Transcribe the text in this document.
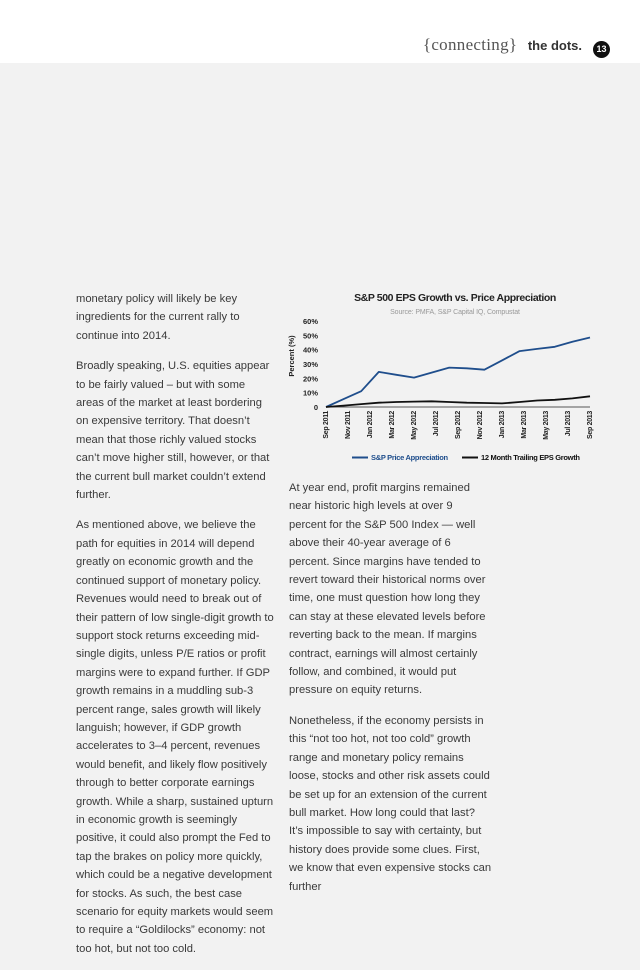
{connecting} the dots.	13

monetary policy will likely be key ingredients for the current rally to continue into 2014.

Broadly speaking, U.S. equities appear to be fairly valued – but with some areas of the market at least bordering on expensive territory. That doesn’t mean that those richly valued stocks can’t move higher still, however, or that the current bull market couldn’t extend further.

As mentioned above, we believe the path for equities in 2014 will depend greatly on economic growth and the continued support of monetary policy. Revenues would need to break out of their pattern of low single-digit growth to support stock returns exceeding mid-single digits, unless P/E ratios or profit margins were to expand further. If GDP growth remains in a muddling sub-3 percent range, sales growth will likely languish; however, if GDP growth accelerates to 3–4 percent, revenues would benefit, and likely flow positively through to better corporate earnings growth. While a sharp, sustained upturn in economic growth is seemingly positive, it could also prompt the Fed to tap the brakes on policy more quickly, which could be a negative development for stocks. As such, the best case scenario for equity markets would seem to require a “Goldilocks” economy: not too hot, but not too cold.

S&P 500 EPS Growth vs. Price Appreciation
Source: PMFA, S&P Capital IQ, Compustat
0
10%
20%
30%
40%
50%
60%
Sep 2011 Nov 2011 Jan 2012 Mar 2012 May 2012 Jul 2012 Sep 2012 Nov 2012 Jan 2013 Mar 2013 May 2013 Jul 2013 Sep 2013
S&P Price Appreciation	12 Month Trailing EPS Growth
Percent (%)

At year end, profit margins remained near historic high levels at over 9 percent for the S&P 500 Index — well above their 40-year average of 6 percent. Since margins have tended to revert toward their historical norms over time, one must question how long they can stay at these elevated levels before reverting back to the mean. If margins contract, earnings will almost certainly follow, and combined, it would put pressure on equity returns.

Nonetheless, if the economy persists in this “not too hot, not too cold” growth range and monetary policy remains loose, stocks and other risk assets could be set up for an extension of the current bull market. How long could that last? It’s impossible to say with certainty, but history does provide some clues. First, we know that even expensive stocks can further
